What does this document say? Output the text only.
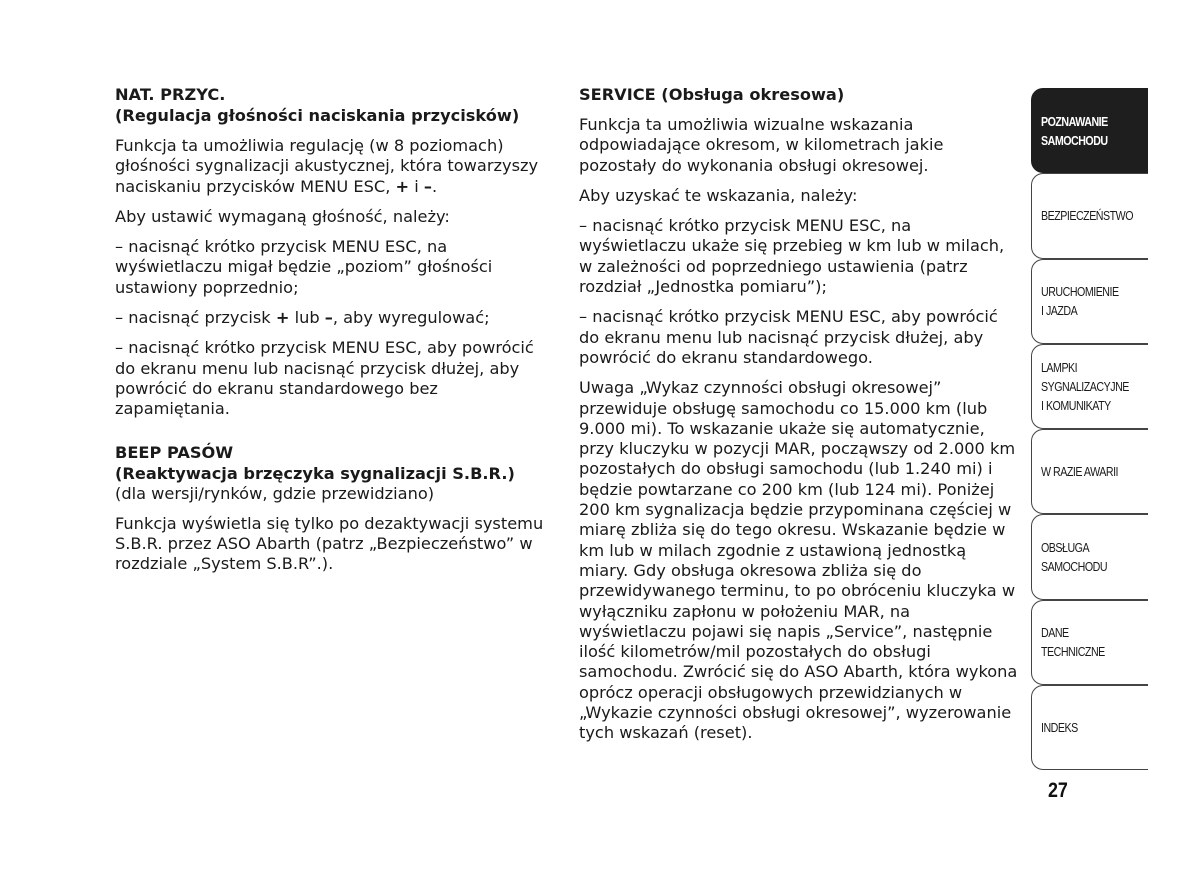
NAT. PRZYC.
(Regulacja głośności naciskania przycisków)

Funkcja ta umożliwia regulację (w 8 poziomach) głośności sygnalizacji akustycznej, która towarzyszy naciskaniu przycisków MENU ESC, + i –.

Aby ustawić wymaganą głośność, należy:

– nacisnąć krótko przycisk MENU ESC, na wyświetlaczu migał będzie „poziom” głośności ustawiony poprzednio;

– nacisnąć przycisk + lub –, aby wyregulować;

– nacisnąć krótko przycisk MENU ESC, aby powrócić do ekranu menu lub nacisnąć przycisk dłużej, aby powrócić do ekranu standardowego bez zapamiętania.

BEEP PASÓW
(Reaktywacja brzęczyka sygnalizacji S.B.R.)

(dla wersji/rynków, gdzie przewidziano)

Funkcja wyświetla się tylko po dezaktywacji systemu S.B.R. przez ASO Abarth (patrz „Bezpieczeństwo” w rozdziale „System S.B.R”.).

SERVICE (Obsługa okresowa)

Funkcja ta umożliwia wizualne wskazania odpowiadające okresom, w kilometrach jakie pozostały do wykonania obsługi okresowej.

Aby uzyskać te wskazania, należy:

– nacisnąć krótko przycisk MENU ESC, na wyświetlaczu ukaże się przebieg w km lub w milach, w zależności od poprzedniego ustawienia (patrz rozdział „Jednostka pomiaru”);

– nacisnąć krótko przycisk MENU ESC, aby powrócić do ekranu menu lub nacisnąć przycisk dłużej, aby powrócić do ekranu standardowego.

Uwaga „Wykaz czynności obsługi okresowej” przewiduje obsługę samochodu co 15.000 km (lub 9.000 mi). To wskazanie ukaże się automatycznie, przy kluczyku w pozycji MAR, począwszy od 2.000 km pozostałych do obsługi samochodu (lub 1.240 mi) i będzie powtarzane co 200 km (lub 124 mi). Poniżej 200 km sygnalizacja będzie przypominana częściej w miarę zbliża się do tego okresu. Wskazanie będzie w km lub w milach zgodnie z ustawioną jednostką miary. Gdy obsługa okresowa zbliża się do przewidywanego terminu, to po obróceniu kluczyka w wyłączniku zapłonu w położeniu MAR, na wyświetlaczu pojawi się napis „Service”, następnie ilość kilometrów/mil pozostałych do obsługi samochodu. Zwrócić się do ASO Abarth, która wykona oprócz operacji obsługowych przewidzianych w „Wykazie czynności obsługi okresowej”, wyzerowanie tych wskazań (reset).

POZNAWANIE
SAMOCHODU
BEZPIECZEŃSTWO
URUCHOMIENIE
I JAZDA
LAMPKI
SYGNALIZACYJNE
I KOMUNIKATY
W RAZIE AWARII
OBSŁUGA
SAMOCHODU
DANE
TECHNICZNE
INDEKS
27
